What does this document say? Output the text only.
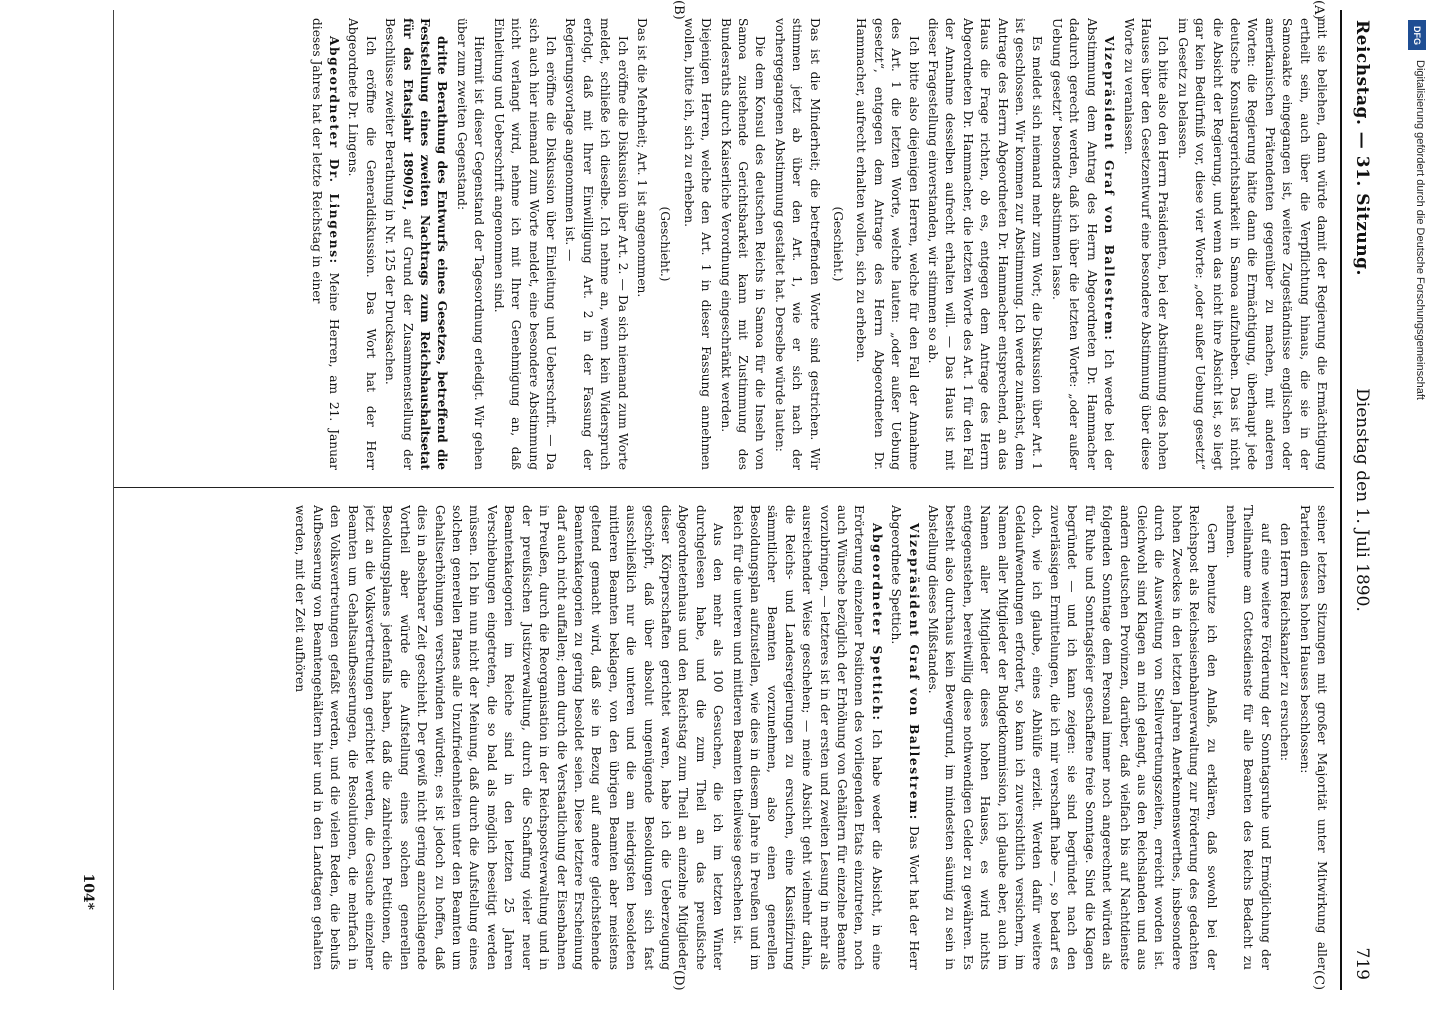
Reichstag. — 31. Sitzung.
Dienstag den 1. Juli 1890.
719
(A)
(B)
(C)
(D)

mit sie beliehen, dann würde damit der Regierung die Ermächtigung ertheilt sein, auch über die Verpflichtung hinaus, die sie in der Samoaakte eingegangen ist, weitere Zugeständnisse englischen oder amerikanischen Prätendenten gegenüber zu machen, mit anderen Worten: die Regierung hätte dann die Ermächtigung, überhaupt jede deutsche Konsulargerichtsbarkeit in Samoa aufzuheben. Das ist nicht die Absicht der Regierung, und wenn das nicht ihre Absicht ist, so liegt gar kein Bedürfniß vor, diese vier Worte: „oder außer Uebung gesetzt“ im Gesetz zu belassen.

Ich bitte also den Herrn Präsidenten, bei der Abstimmung des hohen Hauses über den Gesetzentwurf eine besondere Abstimmung über diese Worte zu veranlassen.

Vizepräsident Graf von Ballestrem: Ich werde bei der Abstimmung dem Antrag des Herrn Abgeordneten Dr. Hammacher dadurch gerecht werden, daß ich über die letzten Worte: „oder außer Uebung gesetzt“ besonders abstimmen lasse.

Es meldet sich niemand mehr zum Wort; die Diskussion über Art. 1 ist geschlossen. Wir kommen zur Abstimmung. Ich werde zunächst, dem Antrage des Herrn Abgeordneten Dr. Hammacher entsprechend, an das Haus die Frage richten, ob es, entgegen dem Antrage des Herrn Abgeordneten Dr. Hammacher, die letzten Worte des Art. 1 für den Fall der Annahme desselben aufrecht erhalten will. — Das Haus ist mit dieser Fragestellung einverstanden, wir stimmen so ab.

Ich bitte also diejenigen Herren, welche für den Fall der Annahme des Art. 1 die letzten Worte, welche lauten: „oder außer Uebung gesetzt“, entgegen dem Antrage des Herrn Abgeordneten Dr. Hammacher, aufrecht erhalten wollen, sich zu erheben.

(Geschieht.)

Das ist die Minderheit; die betreffenden Worte sind gestrichen. Wir stimmen jetzt ab über den Art. 1, wie er sich nach der vorhergegangenen Abstimmung gestaltet hat. Derselbe würde lauten:

Die dem Konsul des deutschen Reichs in Samoa für die Inseln von Samoa zustehende Gerichtsbarkeit kann mit Zustimmung des Bundesraths durch Kaiserliche Verordnung eingeschränkt werden.

Diejenigen Herren, welche den Art. 1 in dieser Fassung annehmen wollen, bitte ich, sich zu erheben.

(Geschieht.)

Das ist die Mehrheit; Art. 1 ist angenommen.

Ich eröffne die Diskussion über Art. 2. — Da sich niemand zum Worte meldet, schließe ich dieselbe. Ich nehme an, wenn kein Widerspruch erfolgt, daß mit Ihrer Einwilligung Art. 2 in der Fassung der Regierungsvorlage angenommen ist. —

Ich eröffne die Diskussion über Einleitung und Ueberschrift. — Da sich auch hier niemand zum Worte meldet, eine besondere Abstimmung nicht verlangt wird, nehme ich mit Ihrer Genehmigung an, daß Einleitung und Ueberschrift angenommen sind.

Hiermit ist dieser Gegenstand der Tagesordnung erledigt. Wir gehen über zum zweiten Gegenstand:

dritte Berathung des Entwurfs eines Gesetzes, betreffend die Feststellung eines zweiten Nachtrags zum Reichshaushaltsetat für das Etatsjahr 1890/91, auf Grund der Zusammenstellung der Beschlüsse zweiter Berathung in Nr. 125 der Drucksachen.

Ich eröffne die Generaldiskussion. Das Wort hat der Herr Abgeordnete Dr. Lingens.

Abgeordneter Dr. Lingens: Meine Herren, am 21. Januar dieses Jahres hat der letzte Reichstag in einer

seiner letzten Sitzungen mit großer Majorität unter Mitwirkung aller Parteien dieses hohen Hauses beschlossen:

den Herrn Reichskanzler zu ersuchen:

auf eine weitere Förderung der Sonntagsruhe und Ermöglichung der Theilnahme am Gottesdienste für alle Beamten des Reichs Bedacht zu nehmen.

Gern benutze ich den Anlaß, zu erklären, daß sowohl bei der Reichspost als Reichseisenbahnverwaltung zur Förderung des gedachten hohen Zweckes in den letzten Jahren Anerkennenswerthes, insbesondere durch die Ausweitung von Stellvertretungszeiten, erreicht worden ist. Gleichwohl sind Klagen an mich gelangt, aus den Reichslanden und aus andern deutschen Provinzen, darüber, daß vielfach bis auf Nachtdienste folgenden Sonntage dem Personal immer noch angerechnet würden als für Ruhe und Sonntagsfeier geschaffene freie Sonntage. Sind die Klagen begründet — und ich kann zeigen: sie sind begründet nach den zuverlässigen Ermittelungen, die ich mir verschafft habe —, so bedarf es doch, wie ich glaube, eines Abhülfe erzielt. Werden dafür weitere Geldaufwendungen erfordert, so kann ich zuversichtlich versichern, im Namen aller Mitglieder der Budgetkommission, ich glaube aber, auch im Namen aller Mitglieder dieses hohen Hauses, es wird nichts entgegenstehen, bereitwillig diese nothwendigen Gelder zu gewähren. Es besteht also durchaus kein Bewegrund, im mindesten säumig zu sein in Abstellung dieses Mißstandes.

Vizepräsident Graf von Ballestrem: Das Wort hat der Herr Abgeordnete Spettich.

Abgeordneter Spettich: Ich habe weder die Absicht, in eine Erörterung einzelner Positionen des vorliegenden Etats einzutreten, noch auch Wünsche bezüglich der Erhöhung von Gehältern für einzelne Beamte vorzubringen, — letzteres ist in der ersten und zweiten Lesung in mehr als ausreichender Weise geschehen; — meine Absicht geht vielmehr dahin, die Reichs- und Landesregierungen zu ersuchen, eine Klassifizirung sämmtlicher Beamten vorzunehmen, also einen generellen Besoldungsplan aufzustellen, wie dies in diesem Jahre in Preußen und im Reich für die unteren und mittleren Beamten theilweise geschehen ist.

Aus den mehr als 100 Gesuchen, die ich im letzten Winter durchgelesen habe, und die zum Theil an das preußische Abgeordnetenhaus und den Reichstag zum Theil an einzelne Mitglieder dieser Körperschaften gerichtet waren, habe ich die Ueberzeugung geschöpft, daß über absolut ungenügende Besoldungen sich fast ausschließlich nur die unteren und die am niedrigsten besoldeten mittleren Beamten beklagen, von den übrigen Beamten aber meistens geltend gemacht wird, daß sie in Bezug auf andere gleichstehende Beamtenkategorien zu gering besoldet seien. Diese letztere Erscheinung darf auch nicht auffallen; denn durch die Verstaatlichung der Eisenbahnen in Preußen, durch die Reorganisation in der Reichspostverwaltung und in der preußischen Justizverwaltung, durch die Schaffung vieler neuer Beamtenkategorien im Reiche sind in den letzten 25 Jahren Verschiebungen eingetreten, die so bald als möglich beseitigt werden müssen. Ich bin nun nicht der Meinung, daß durch die Aufstellung eines solchen generellen Planes alle Unzufriedenheiten unter den Beamten um Gehaltserhöhungen verschwinden würden; es ist jedoch zu hoffen, daß dies in absehbarer Zeit geschieht. Der gewiß nicht gering anzuschlagende Vortheil aber würde die Aufstellung eines solchen generellen Besoldungsplanes jedenfalls haben, daß die zahlreichen Petitionen, die jetzt an die Volksvertretungen gerichtet werden, die Gesuche einzelner Beamten um Gehaltsaufbesserungen, die Resolutionen, die mehrfach in den Volksvertretungen gefaßt werden, und die vielen Reden, die behufs Aufbesserung von Beamtengehältern hier und in den Landtagen gehalten werden, mit der Zeit aufhören

104*
DFG
Digitalisierung gefördert durch die Deutsche Forschungsgemeinschaft
